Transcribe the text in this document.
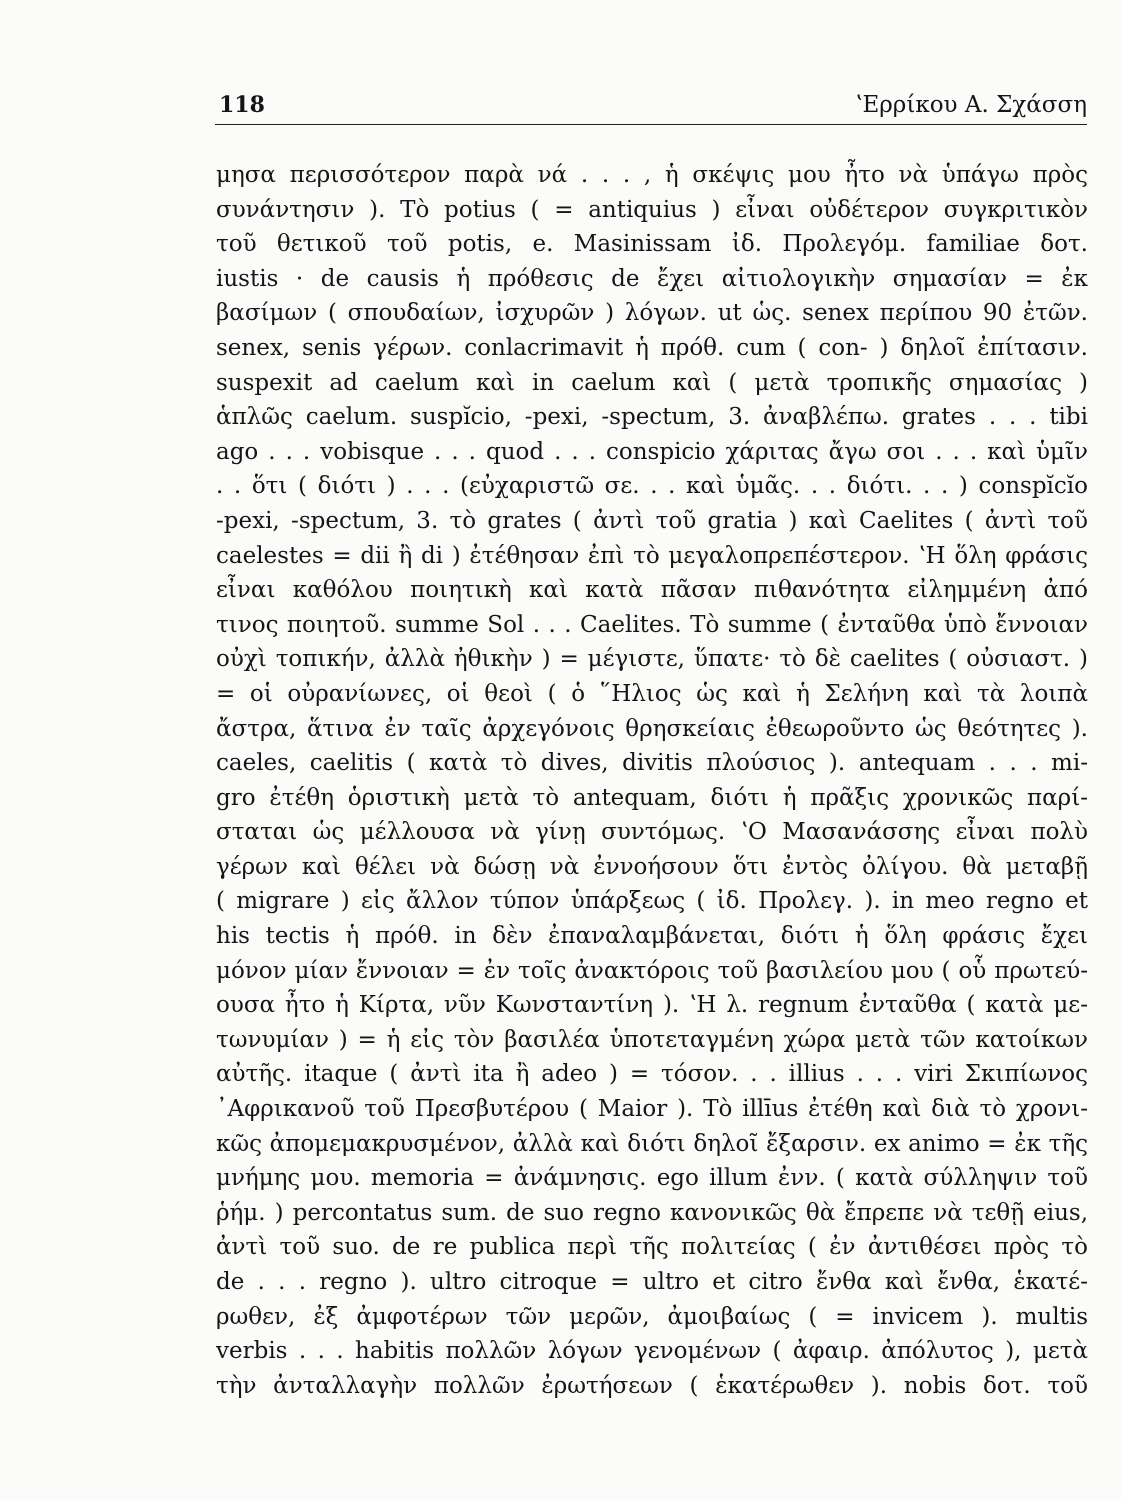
118	ʽΕρρίκου Α. Σχάσση
μησα περισσότερον παρὰ νά . . . , ἡ σκέψις μου ἦτο νὰ ὑπάγω πρὸς
συνάντησιν ). Τὸ potius ( = antiquius ) εἶναι οὐδέτερον συγκριτικὸν
τοῦ θετικοῦ τοῦ potis, e. Masinissam ἰδ. Προλεγόμ. familiae δοτ.
iustis · de causis ἡ πρόθεσις de ἔχει αἰτιολογικὴν σημασίαν = ἐκ
βασίμων ( σπουδαίων, ἰσχυρῶν ) λόγων. ut ὡς. senex περίπου 90 ἐτῶν.
senex, senis γέρων. conlacrimavit ἡ πρόθ. cum ( con- ) δηλοῖ ἐπίτασιν.
suspexit ad caelum καὶ in caelum καὶ ( μετὰ τροπικῆς σημασίας )
ἁπλῶς caelum. suspĭcio, -pexi, -spectum, 3. ἀναβλέπω. grates . . . tibi
ago . . . vobisque . . . quod . . . conspicio χάριτας ἄγω σοι . . . καὶ ὑμῖν
. . ὅτι ( διότι ) . . . (εὐχαριστῶ σε. . . καὶ ὑμᾶς. . . διότι. . . ) conspĭcĭo
-pexi, -spectum, 3. τὸ grates ( ἀντὶ τοῦ gratia ) καὶ Caelites ( ἀντὶ τοῦ
caelestes = dii ἢ di ) ἐτέθησαν ἐπὶ τὸ μεγαλοπρεπέστερον. ʽΗ ὅλη φράσις
εἶναι καθόλου ποιητικὴ καὶ κατὰ πᾶσαν πιθανότητα εἰλημμένη ἀπό
τινος ποιητοῦ. summe Sol . . . Caelites. Τὸ summe ( ἐνταῦθα ὑπὸ ἔννοιαν
οὐχὶ τοπικήν, ἀλλὰ ἠθικὴν ) = μέγιστε, ὕπατε· τὸ δὲ caelites ( οὐσιαστ. )
= οἱ οὐρανίωνες, οἱ θεοὶ ( ὁ ῞Ηλιος ὡς καὶ ἡ Σελήνη καὶ τὰ λοιπὰ
ἄστρα, ἅτινα ἐν ταῖς ἀρχεγόνοις θρησκείαις ἐθεωροῦντο ὡς θεότητες ).
caeles, caelitis ( κατὰ τὸ dives, divitis πλούσιος ). antequam . . . mi-
gro ἐτέθη ὁριστικὴ μετὰ τὸ antequam, διότι ἡ πρᾶξις χρονικῶς παρί-
σταται ὡς μέλλουσα νὰ γίνῃ συντόμως. ʽΟ Μασανάσσης εἶναι πολὺ
γέρων καὶ θέλει νὰ δώσῃ νὰ ἐννοήσουν ὅτι ἐντὸς ὀλίγου. θὰ μεταβῇ
( migrare ) εἰς ἄλλον τύπον ὑπάρξεως ( ἰδ. Προλεγ. ). in meo regno et
his tectis ἡ πρόθ. in δὲν ἐπαναλαμβάνεται, διότι ἡ ὅλη φράσις ἔχει
μόνον μίαν ἔννοιαν = ἐν τοῖς ἀνακτόροις τοῦ βασιλείου μου ( οὗ πρωτεύ-
ουσα ἦτο ἡ Κίρτα, νῦν Κωνσταντίνη ). ʽΗ λ. regnum ἐνταῦθα ( κατὰ με-
τωνυμίαν ) = ἡ εἰς τὸν βασιλέα ὑποτεταγμένη χώρα μετὰ τῶν κατοίκων
αὐτῆς. itaque ( ἀντὶ ita ἢ adeo ) = τόσον. . . illius . . . viri Σκιπίωνος
᾽Αφρικανοῦ τοῦ Πρεσβυτέρου ( Maior ). Τὸ illīus ἐτέθη καὶ διὰ τὸ χρονι-
κῶς ἀπομεμακρυσμένον, ἀλλὰ καὶ διότι δηλοῖ ἔξαρσιν. ex animo = ἐκ τῆς
μνήμης μου. memoria = ἀνάμνησις. ego illum ἐνν. ( κατὰ σύλληψιν τοῦ
ῥήμ. ) percontatus sum. de suo regno κανονικῶς θὰ ἔπρεπε νὰ τεθῇ eius,
ἀντὶ τοῦ suo. de re publica περὶ τῆς πολιτείας ( ἐν ἀντιθέσει πρὸς τὸ
de . . . regno ). ultro citroque = ultro et citro ἔνθα καὶ ἔνθα, ἑκατέ-
ρωθεν, ἐξ ἀμφοτέρων τῶν μερῶν, ἀμοιβαίως ( = invicem ). multis
verbis . . . habitis πολλῶν λόγων γενομένων ( ἀφαιρ. ἀπόλυτος ), μετὰ
τὴν ἀνταλλαγὴν πολλῶν ἐρωτήσεων ( ἑκατέρωθεν ). nobis δοτ. τοῦ
